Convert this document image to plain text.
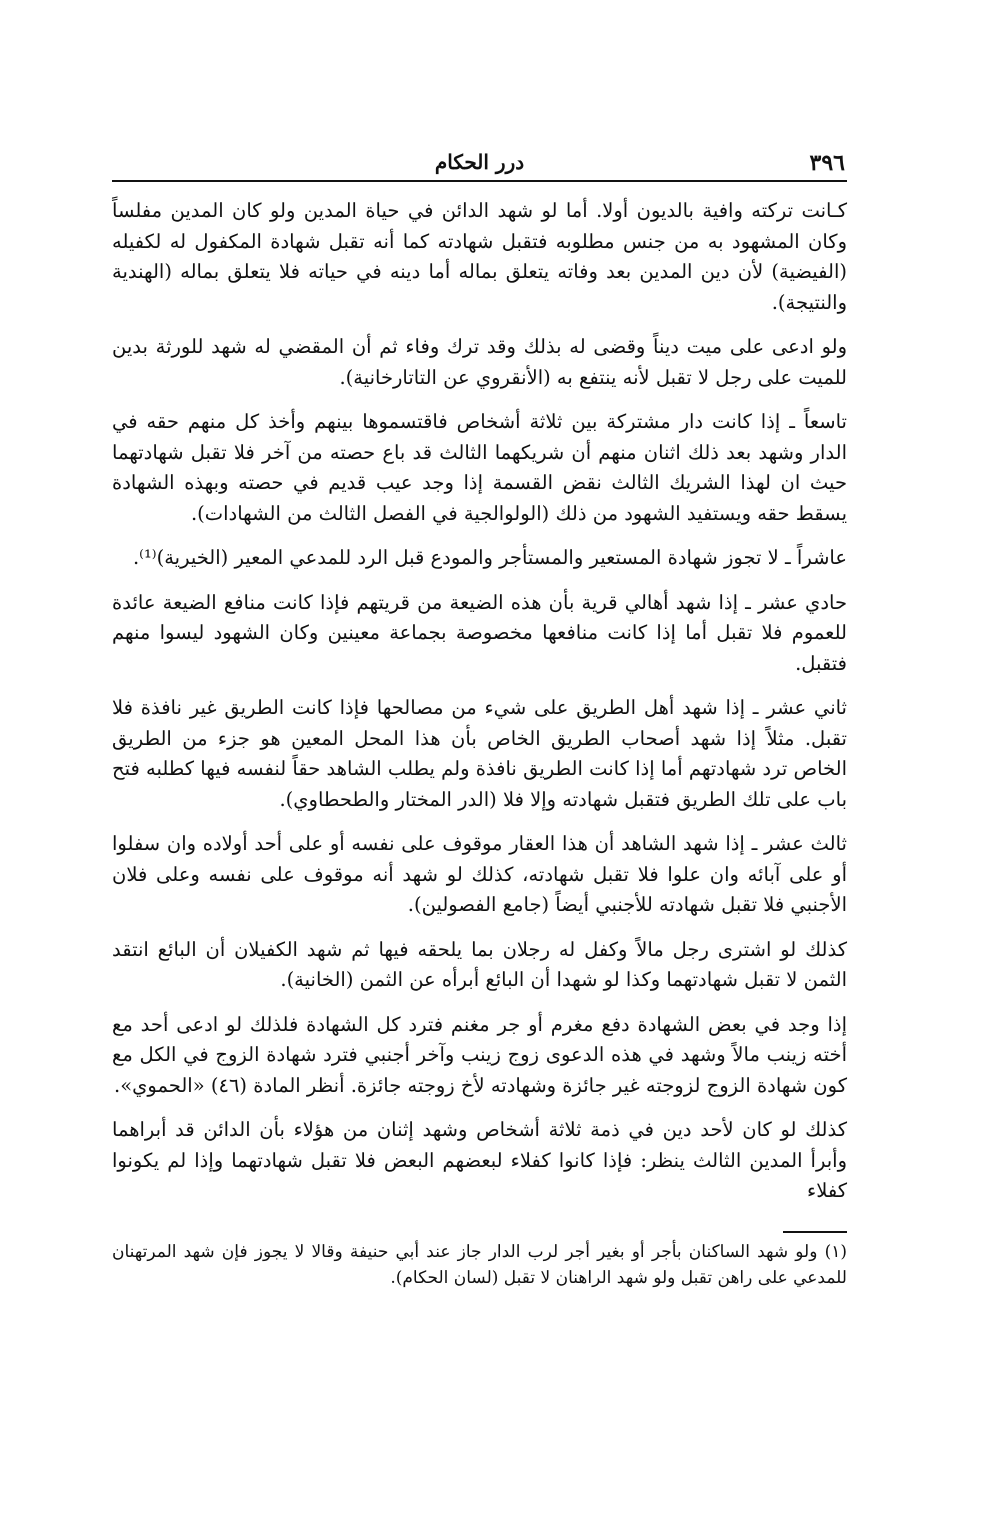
٣٩٦
درر الحكام

كـانت تركته وافية بالديون أولا. أما لو شهد الدائن في حياة المدين ولو كان المدين مفلساً وكان المشهود به من جنس مطلوبه فتقبل شهادته كما أنه تقبل شهادة المكفول له لكفيله (الفيضية) لأن دين المدين بعد وفاته يتعلق بماله أما دينه في حياته فلا يتعلق بماله (الهندية والنتيجة).

ولو ادعى على ميت ديناً وقضى له بذلك وقد ترك وفاء ثم أن المقضي له شهد للورثة بدين للميت على رجل لا تقبل لأنه ينتفع به (الأنقروي عن التاتارخانية).

تاسعاً ـ إذا كانت دار مشتركة بين ثلاثة أشخاص فاقتسموها بينهم وأخذ كل منهم حقه في الدار وشهد بعد ذلك اثنان منهم أن شريكهما الثالث قد باع حصته من آخر فلا تقبل شهادتهما حيث ان لهذا الشريك الثالث نقض القسمة إذا وجد عيب قديم في حصته وبهذه الشهادة يسقط حقه ويستفيد الشهود من ذلك (الولوالجية في الفصل الثالث من الشهادات).

عاشراً ـ لا تجوز شهادة المستعير والمستأجر والمودع قبل الرد للمدعي المعير (الخيرية)⁽¹⁾.

حادي عشر ـ إذا شهد أهالي قرية بأن هذه الضيعة من قريتهم فإذا كانت منافع الضيعة عائدة للعموم فلا تقبل أما إذا كانت منافعها مخصوصة بجماعة معينين وكان الشهود ليسوا منهم فتقبل.

ثاني عشر ـ إذا شهد أهل الطريق على شيء من مصالحها فإذا كانت الطريق غير نافذة فلا تقبل. مثلاً إذا شهد أصحاب الطريق الخاص بأن هذا المحل المعين هو جزء من الطريق الخاص ترد شهادتهم أما إذا كانت الطريق نافذة ولم يطلب الشاهد حقاً لنفسه فيها كطلبه فتح باب على تلك الطريق فتقبل شهادته وإلا فلا (الدر المختار والطحطاوي).

ثالث عشر ـ إذا شهد الشاهد أن هذا العقار موقوف على نفسه أو على أحد أولاده وان سفلوا أو على آبائه وان علوا فلا تقبل شهادته، كذلك لو شهد أنه موقوف على نفسه وعلى فلان الأجنبي فلا تقبل شهادته للأجنبي أيضاً (جامع الفصولين).

كذلك لو اشترى رجل مالاً وكفل له رجلان بما يلحقه فيها ثم شهد الكفيلان أن البائع انتقد الثمن لا تقبل شهادتهما وكذا لو شهدا أن البائع أبرأه عن الثمن (الخانية).

إذا وجد في بعض الشهادة دفع مغرم أو جر مغنم فترد كل الشهادة فلذلك لو ادعى أحد مع أخته زينب مالاً وشهد في هذه الدعوى زوج زينب وآخر أجنبي فترد شهادة الزوج في الكل مع كون شهادة الزوج لزوجته غير جائزة وشهادته لأخ زوجته جائزة. أنظر المادة (٤٦) «الحموي».

كذلك لو كان لأحد دين في ذمة ثلاثة أشخاص وشهد إثنان من هؤلاء بأن الدائن قد أبراهما وأبرأ المدين الثالث ينظر: فإذا كانوا كفلاء لبعضهم البعض فلا تقبل شهادتهما وإذا لم يكونوا كفلاء

(١) ولو شهد الساكنان بأجر أو بغير أجر لرب الدار جاز عند أبي حنيفة وقالا لا يجوز فإن شهد المرتهنان للمدعي على راهن تقبل ولو شهد الراهنان لا تقبل (لسان الحكام).
